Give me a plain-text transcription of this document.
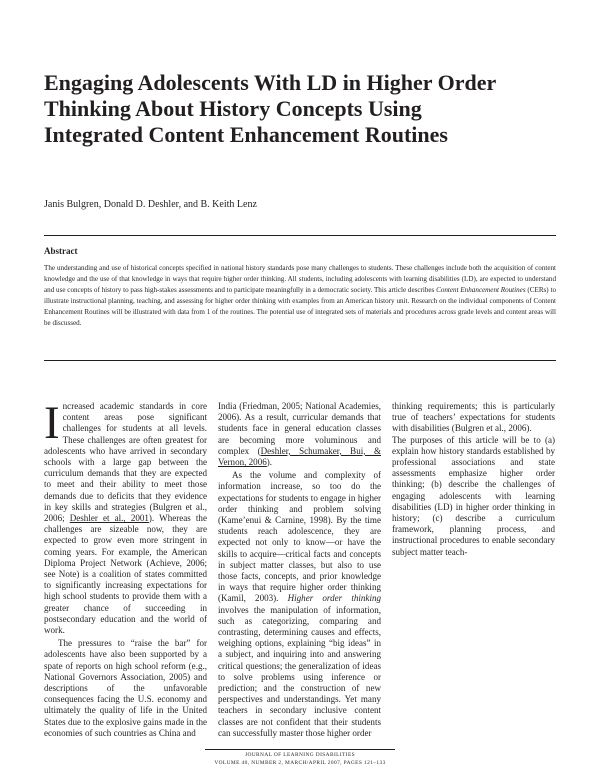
Engaging Adolescents With LD in Higher Order Thinking About History Concepts Using Integrated Content Enhancement Routines
Janis Bulgren, Donald D. Deshler, and B. Keith Lenz
Abstract
The understanding and use of historical concepts specified in national history standards pose many challenges to students. These challenges include both the acquisition of content knowledge and the use of that knowledge in ways that require higher order thinking. All students, including adolescents with learning disabilities (LD), are expected to understand and use concepts of history to pass high-stakes assessments and to participate meaningfully in a democratic society. This article describes Content Enhancement Routines (CERs) to illustrate instructional planning, teaching, and assessing for higher order thinking with examples from an American history unit. Research on the individual components of Content Enhancement Routines will be illustrated with data from 1 of the routines. The potential use of integrated sets of materials and procedures across grade levels and content areas will be discussed.

Increased academic standards in core content areas pose significant challenges for students at all levels. These challenges are often greatest for adolescents who have arrived in secondary schools with a large gap between the curriculum demands that they are expected to meet and their ability to meet those demands due to deficits that they evidence in key skills and strategies (Bulgren et al., 2006; Deshler et al., 2001). Whereas the challenges are sizeable now, they are expected to grow even more stringent in coming years. For example, the American Diploma Project Network (Achieve, 2006; see Note) is a coalition of states committed to significantly increasing expectations for high school students to provide them with a greater chance of succeeding in postsecondary education and the world of work.

The pressures to “raise the bar” for adolescents have also been supported by a spate of reports on high school reform (e.g., National Governors Association, 2005) and descriptions of the unfavorable consequences facing the U.S. economy and ultimately the quality of life in the United States due to the explosive gains made in the economies of such countries as China and

India (Friedman, 2005; National Academies, 2006). As a result, curricular demands that students face in general education classes are becoming more voluminous and complex (Deshler, Schumaker, Bui, & Vernon, 2006).

As the volume and complexity of information increase, so too do the expectations for students to engage in higher order thinking and problem solving (Kame’enui & Carnine, 1998). By the time students reach adolescence, they are expected not only to know—or have the skills to acquire—critical facts and concepts in subject matter classes, but also to use those facts, concepts, and prior knowledge in ways that require higher order thinking (Kamil, 2003). Higher order thinking involves the manipulation of information, such as categorizing, comparing and contrasting, determining causes and effects, weighing options, explaining “big ideas” in a subject, and inquiring into and answering critical questions; the generalization of ideas to solve problems using inference or prediction; and the construction of new perspectives and understandings. Yet many teachers in secondary inclusive content classes are not confident that their students can successfully master those higher order

thinking requirements; this is particularly true of teachers’ expectations for students with disabilities (Bulgren et al., 2006).

The purposes of this article will be to (a) explain how history standards established by professional associations and state assessments emphasize higher order thinking; (b) describe the challenges of engaging adolescents with learning disabilities (LD) in higher order thinking in history; (c) describe a curriculum framework, planning process, and instructional procedures to enable secondary subject matter teach-

JOURNAL OF LEARNING DISABILITIES
VOLUME 40, NUMBER 2, MARCH/APRIL 2007, PAGES 121–133
